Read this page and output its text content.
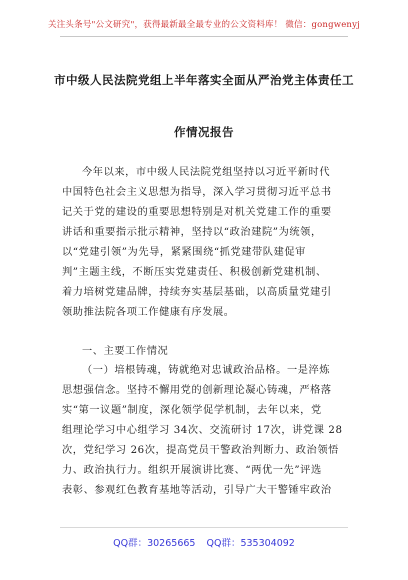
关注头条号"公文研究"，获得最新最全最专业的公文资料库！ 微信：gongwenyj
市中级人民法院党组上半年落实全面从严治党主体责任工
作情况报告
今年以来，市中级人民法院党组坚持以习近平新时代
中国特色社会主义思想为指导，深入学习贯彻习近平总书
记关于党的建设的重要思想特别是对机关党建工作的重要
讲话和重要指示批示精神，坚持以“政治建院”为统领，
以“党建引领”为先导，紧紧围绕“抓党建带队建促审
判”主题主线，不断压实党建责任、积极创新党建机制、
着力培树党建品牌，持续夯实基层基础，以高质量党建引
领助推法院各项工作健康有序发展。
一、主要工作情况
（一）培根铸魂，铸就绝对忠诚政治品格。一是淬炼
思想强信念。坚持不懈用党的创新理论凝心铸魂，严格落
实“第一议题”制度，深化领学促学机制，去年以来，党
组理论学习中心组学习 34次、交流研讨 17次，讲党课 28
次，党纪学习 26次，提高党员干警政治判断力、政治领悟
力、政治执行力。组织开展演讲比赛、“两优一先”评选
表彰、参观红色教育基地等活动，引导广大干警锤牢政治
QQ群：30265665 QQ群：535304092
